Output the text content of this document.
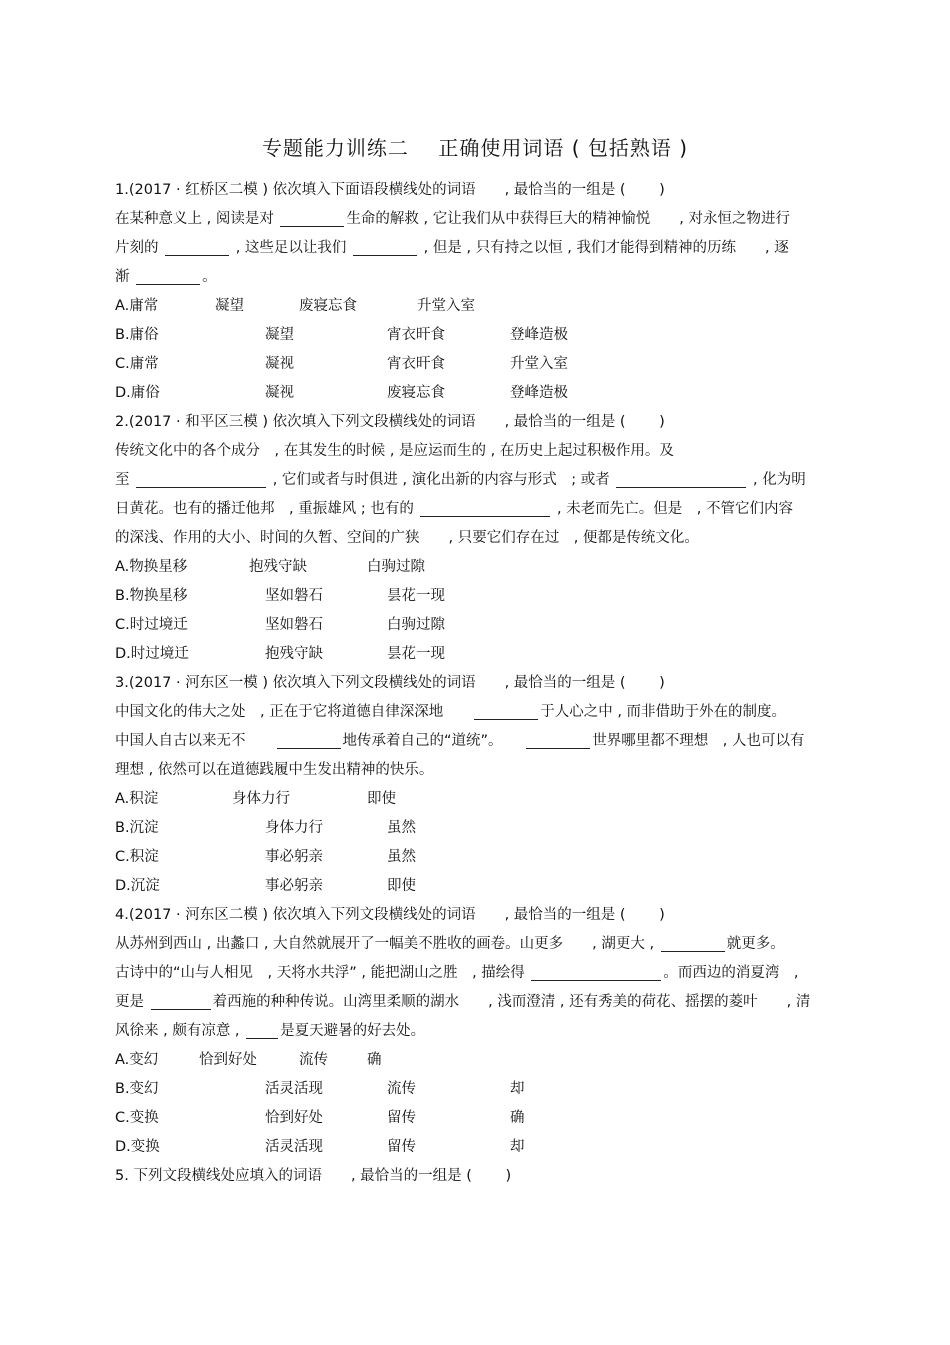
专题能力训练二    正确使用词语 ( 包括熟语 )
1.(2017 · 红桥区二模 ) 依次填入下面语段横线处的词语　　, 最恰当的一组是 ( 　　)
在某种意义上 , 阅读是对	生命的解救 , 它让我们从中获得巨大的精神愉悦　　, 对永恒之物进行
片刻的	, 这些足以让我们	, 但是 , 只有持之以恒 , 我们才能得到精神的历练　　, 逐
渐	。
A.庸常	凝望	废寝忘食	升堂入室
B.庸俗	凝望	宵衣旰食	登峰造极
C.庸常	凝视	宵衣旰食	升堂入室
D.庸俗	凝视	废寝忘食	登峰造极
2.(2017 · 和平区三模 ) 依次填入下列文段横线处的词语　　, 最恰当的一组是 ( 　　)
传统文化中的各个成分　, 在其发生的时候 , 是应运而生的 , 在历史上起过积极作用。及
至	, 它们或者与时俱进 , 演化出新的内容与形式　; 或者	, 化为明
日黄花。也有的播迁他邦　, 重振雄风 ; 也有的	, 未老而先亡。但是　, 不管它们内容
的深浅、作用的大小、时间的久暂、空间的广狭　　, 只要它们存在过　, 便都是传统文化。
A.物换星移	抱残守缺	白驹过隙
B.物换星移	坚如磐石	昙花一现
C.时过境迁	坚如磐石	白驹过隙
D.时过境迁	抱残守缺	昙花一现
3.(2017 · 河东区一模 ) 依次填入下列文段横线处的词语　　, 最恰当的一组是 ( 　　)
中国文化的伟大之处　, 正在于它将道德自律深深地　　	于人心之中 , 而非借助于外在的制度。
中国人自古以来无不　　	地传承着自己的“道统”。　　	世界哪里都不理想　, 人也可以有
理想 , 依然可以在道德践履中生发出精神的快乐。
A.积淀	身体力行	即使
B.沉淀	身体力行	虽然
C.积淀	事必躬亲	虽然
D.沉淀	事必躬亲	即使
4.(2017 · 河东区二模 ) 依次填入下列文段横线处的词语　　, 最恰当的一组是 ( 　　)
从苏州到西山 , 出蠡口 , 大自然就展开了一幅美不胜收的画卷。山更多　　, 湖更大 ,	就更多。
古诗中的“山与人相见　, 天将水共浮” , 能把湖山之胜　, 描绘得	。而西边的消夏湾　,
更是	着西施的种种传说。山湾里柔顺的湖水　　, 浅而澄清 , 还有秀美的荷花、摇摆的菱叶　　, 清
风徐来 , 颇有凉意 , 是夏天避暑的好去处。
A.变幻	恰到好处	流传	确
B.变幻	活灵活现	流传	却
C.变换	恰到好处	留传	确
D.变换	活灵活现	留传	却
5. 下列文段横线处应填入的词语　　, 最恰当的一组是 ( 　　)
